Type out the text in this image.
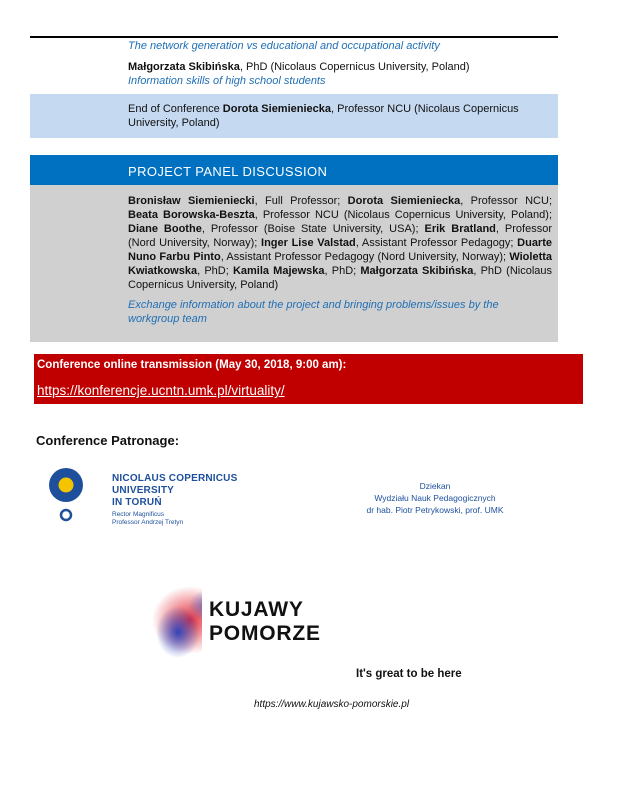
The network generation vs educational and occupational activity
Małgorzata Skibińska, PhD (Nicolaus Copernicus University, Poland)
Information skills of high school students
End of Conference Dorota Siemieniecka, Professor NCU (Nicolaus Copernicus University, Poland)
PROJECT PANEL DISCUSSION
Bronisław Siemieniecki, Full Professor; Dorota Siemieniecka, Professor NCU; Beata Borowska-Beszta, Professor NCU (Nicolaus Copernicus University, Poland); Diane Boothe, Professor (Boise State University, USA); Erik Bratland, Professor (Nord University, Norway); Inger Lise Valstad, Assistant Professor Pedagogy; Duarte Nuno Farbu Pinto, Assistant Professor Pedagogy (Nord University, Norway); Wioletta Kwiatkowska, PhD; Kamila Majewska, PhD; Małgorzata Skibińska, PhD (Nicolaus Copernicus University, Poland)
Exchange information about the project and bringing problems/issues by the workgroup team
Conference online transmission (May 30, 2018, 9:00 am):
https://konferencje.ucntn.umk.pl/virtuality/
Conference Patronage:
NICOLAUS COPERNICUS
UNIVERSITY
IN TORUŃ
Rector Magnificus
Professor Andrzej Tretyn
Dziekan
Wydziału Nauk Pedagogicznych
dr hab. Piotr Petrykowski, prof. UMK
KUJAWY
POMORZE
It's great to be here
https://www.kujawsko-pomorskie.pl
